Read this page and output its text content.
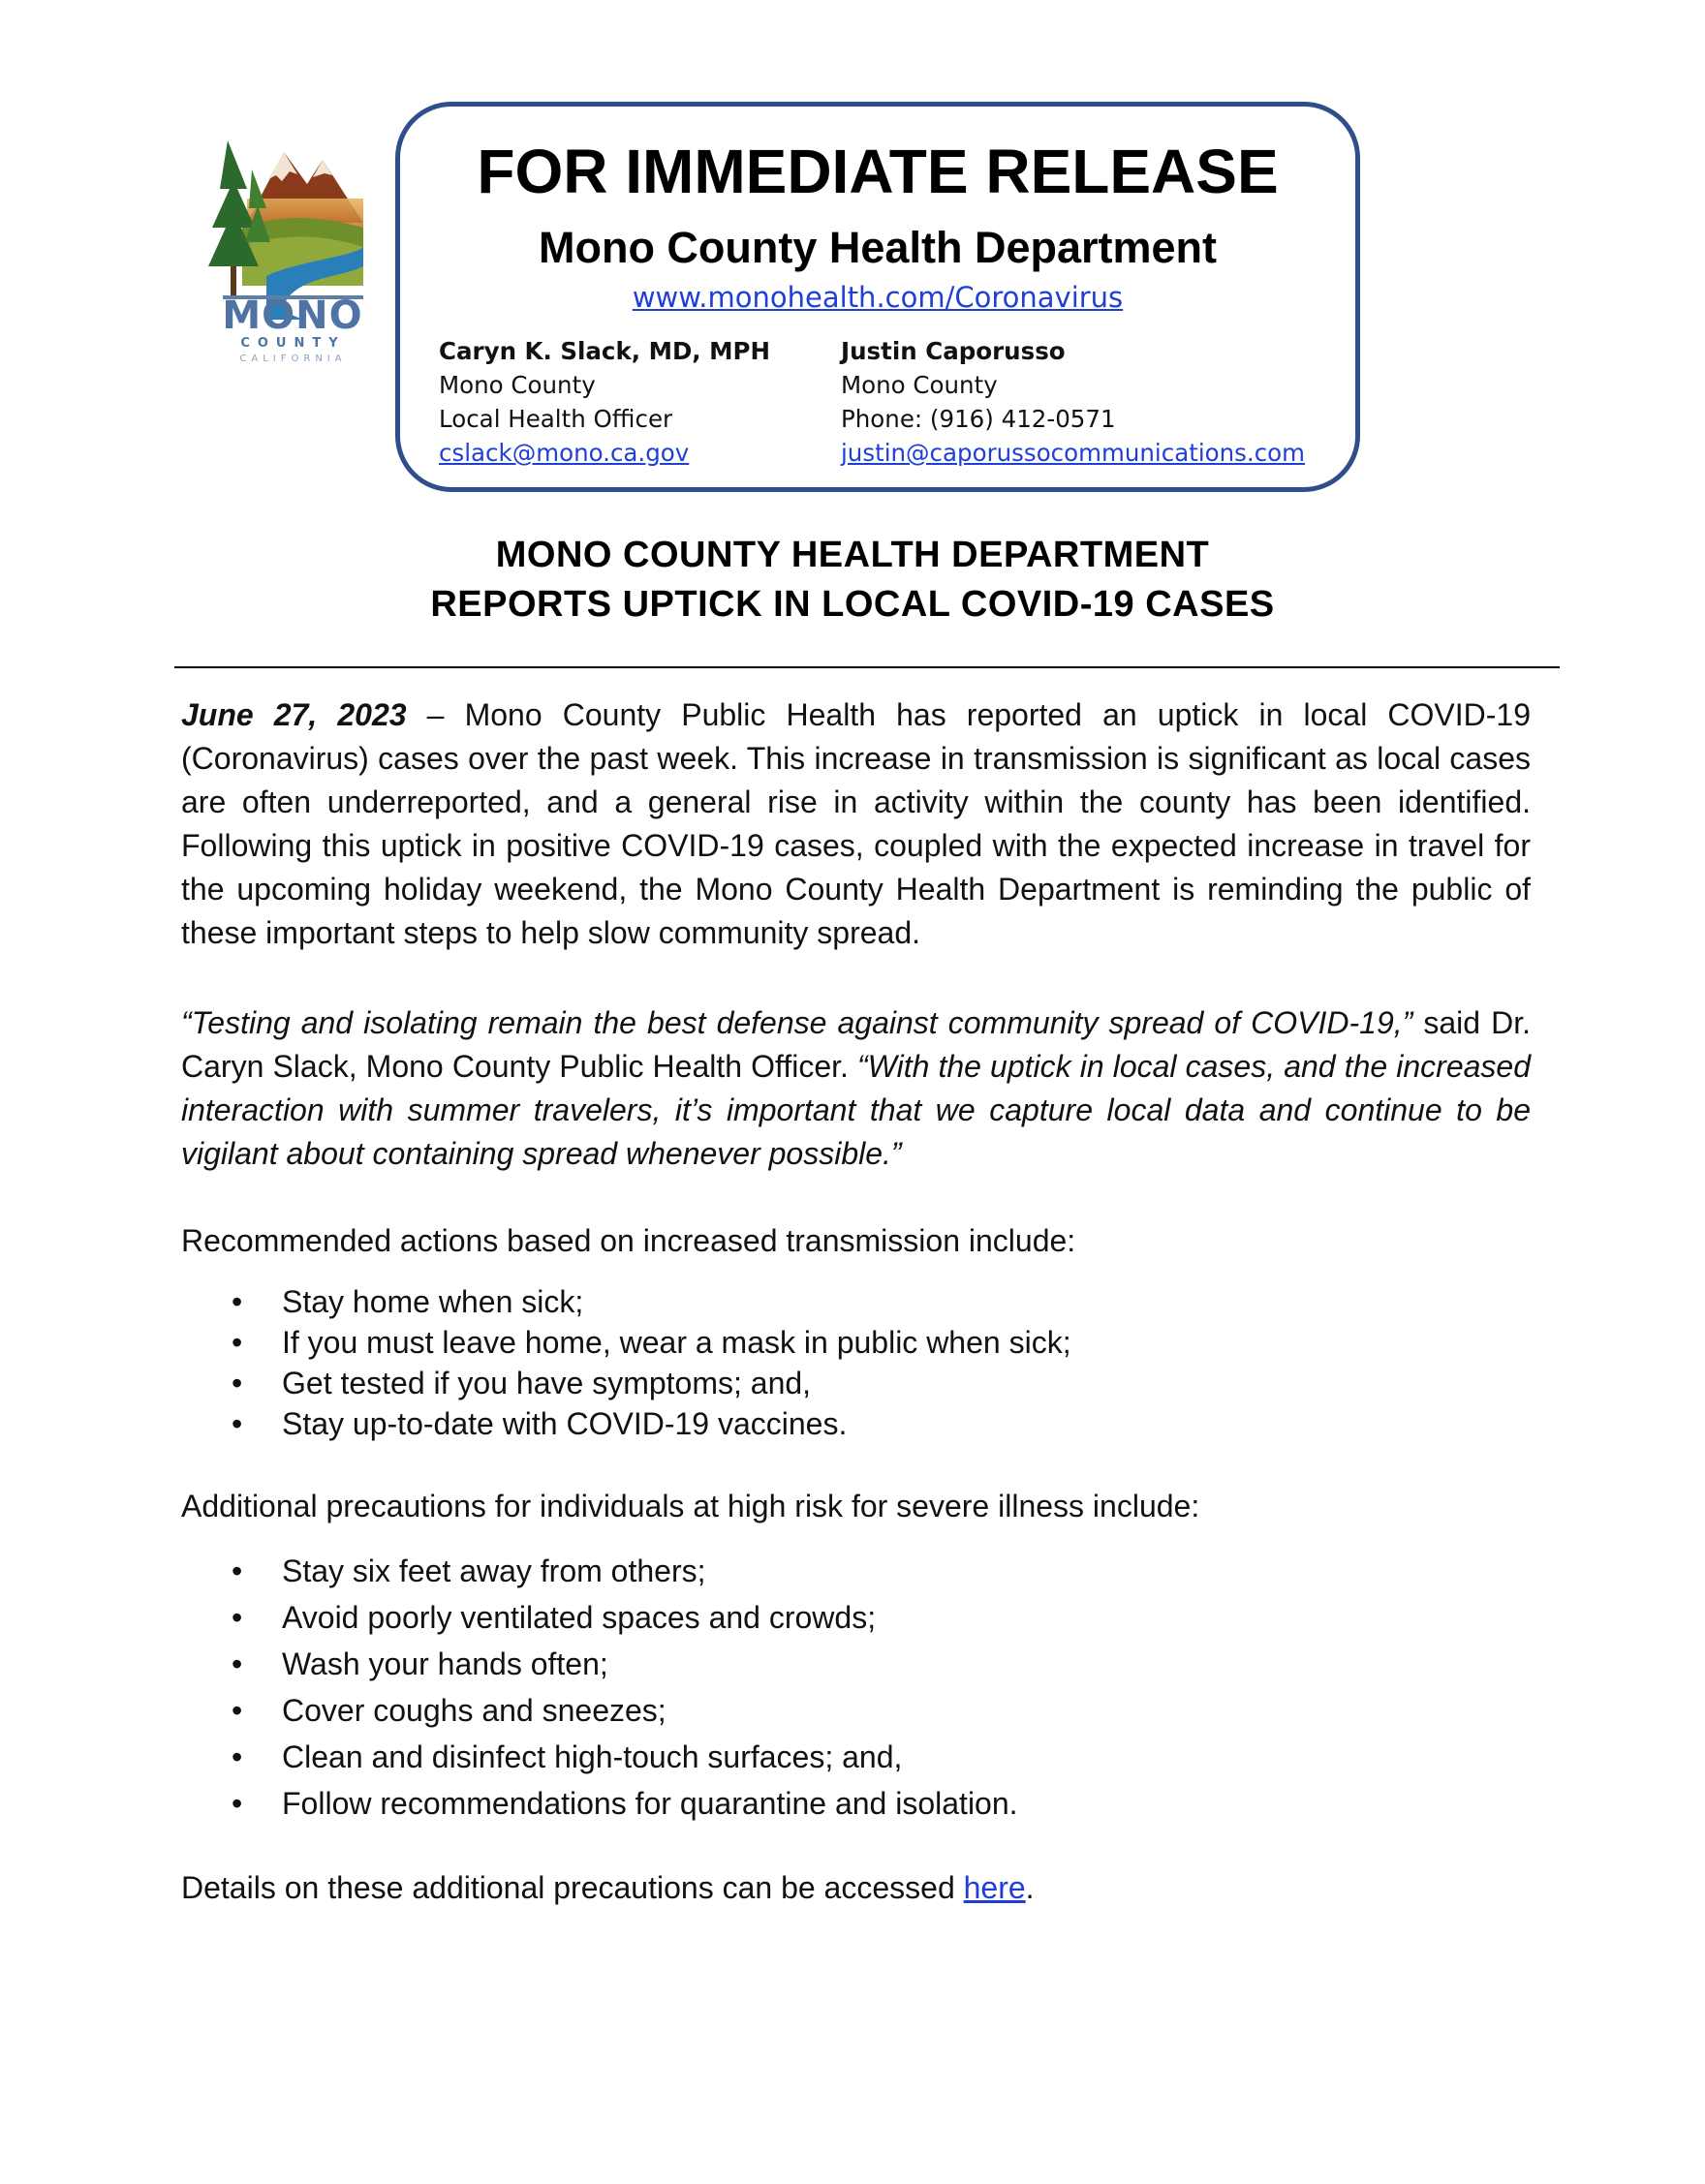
MONO
COUNTY
CALIFORNIA
FOR IMMEDIATE RELEASE
Mono County Health Department
www.monohealth.com/Coronavirus
Caryn K. Slack, MD, MPH
Mono County
Local Health Officer
cslack@mono.ca.gov
Justin Caporusso
Mono County
Phone: (916) 412-0571
justin@caporussocommunications.com
MONO COUNTY HEALTH DEPARTMENT
REPORTS UPTICK IN LOCAL COVID-19 CASES
June 27, 2023 – Mono County Public Health has reported an uptick in local COVID-19 (Coronavirus) cases over the past week. This increase in transmission is significant as local cases are often underreported, and a general rise in activity within the county has been identified. Following this uptick in positive COVID-19 cases, coupled with the expected increase in travel for the upcoming holiday weekend, the Mono County Health Department is reminding the public of these important steps to help slow community spread.
“Testing and isolating remain the best defense against community spread of COVID-19,” said Dr. Caryn Slack, Mono County Public Health Officer. “With the uptick in local cases, and the increased interaction with summer travelers, it’s important that we capture local data and continue to be vigilant about containing spread whenever possible.”
Recommended actions based on increased transmission include:
• Stay home when sick;
• If you must leave home, wear a mask in public when sick;
• Get tested if you have symptoms; and,
• Stay up-to-date with COVID-19 vaccines.
Additional precautions for individuals at high risk for severe illness include:
• Stay six feet away from others;
• Avoid poorly ventilated spaces and crowds;
• Wash your hands often;
• Cover coughs and sneezes;
• Clean and disinfect high-touch surfaces; and,
• Follow recommendations for quarantine and isolation.
Details on these additional precautions can be accessed here.
